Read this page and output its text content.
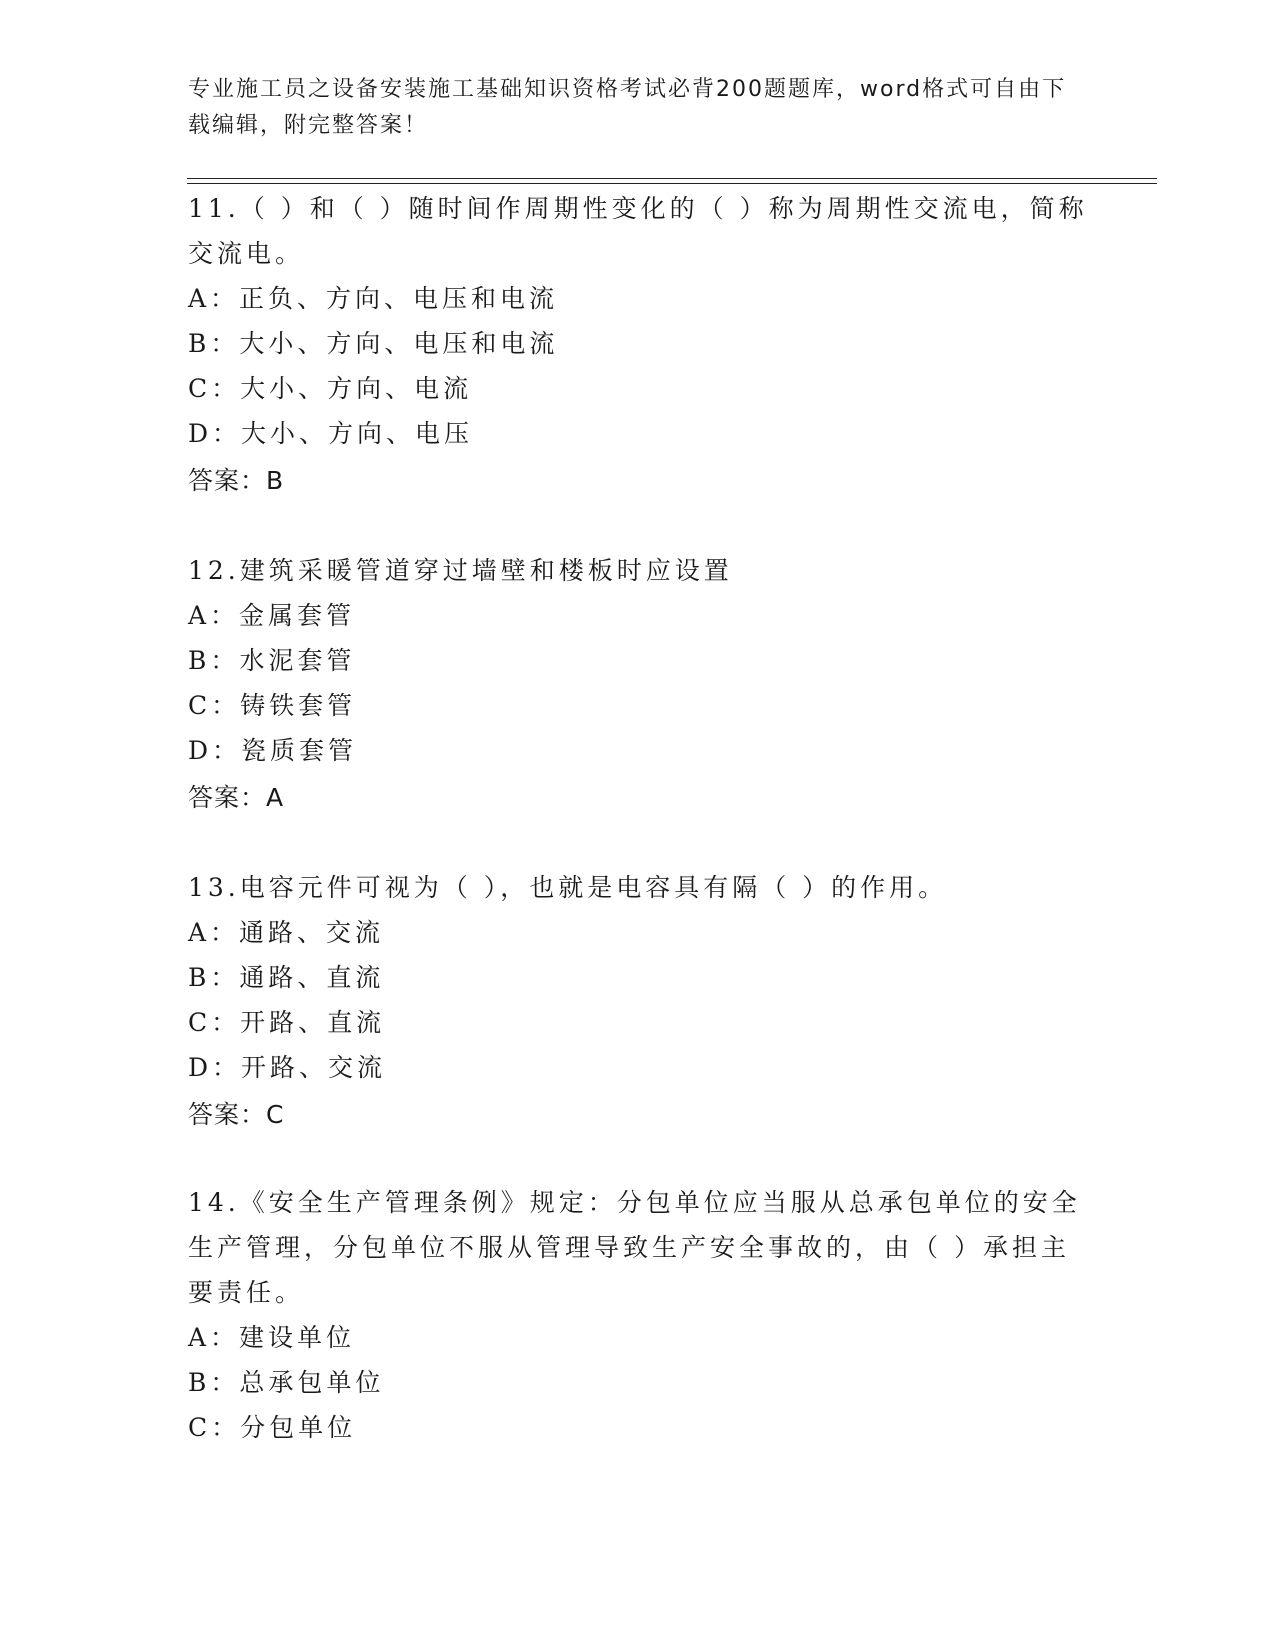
专业施工员之设备安装施工基础知识资格考试必背200题题库，word格式可自由下载编辑，附完整答案！
11.（ ）和（ ）随时间作周期性变化的（ ）称为周期性交流电，简称交流电。
A：正负、方向、电压和电流
B：大小、方向、电压和电流
C：大小、方向、电流
D：大小、方向、电压
答案：B
12.建筑采暖管道穿过墙壁和楼板时应设置
A：金属套管
B：水泥套管
C：铸铁套管
D：瓷质套管
答案：A
13.电容元件可视为（ ），也就是电容具有隔（ ）的作用。
A：通路、交流
B：通路、直流
C：开路、直流
D：开路、交流
答案：C
14.《安全生产管理条例》规定：分包单位应当服从总承包单位的安全生产管理，分包单位不服从管理导致生产安全事故的，由（ ）承担主要责任。
A：建设单位
B：总承包单位
C：分包单位
